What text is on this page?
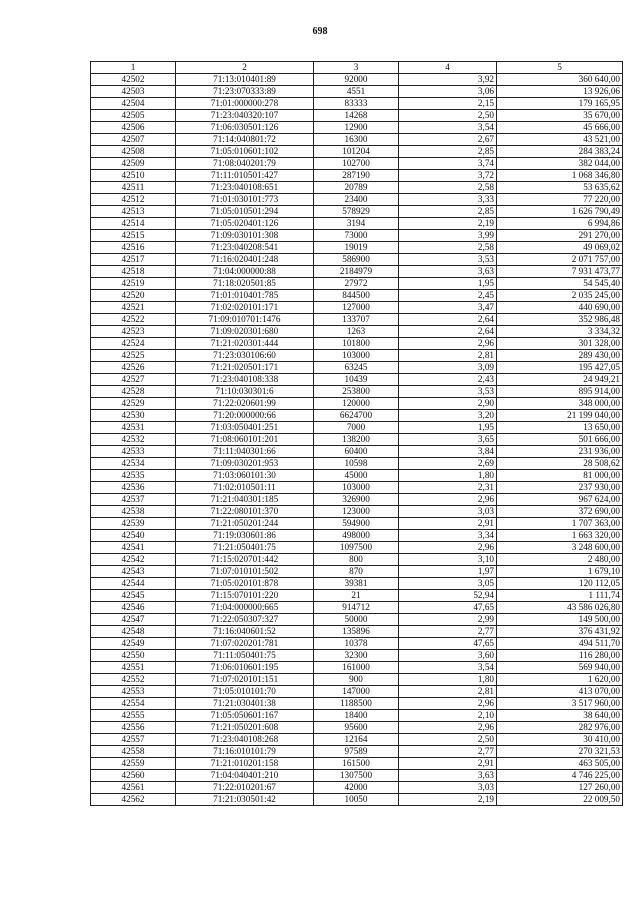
698
1	2	3	4	5
42502	71:13:010401:89	92000	3,92	360 640,00
42503	71:23:070333:89	4551	3,06	13 926,06
42504	71:01:000000:278	83333	2,15	179 165,95
42505	71:23:040320:107	14268	2,50	35 670,00
42506	71:06:030501:126	12900	3,54	45 666,00
42507	71:14:040801:72	16300	2,67	43 521,00
42508	71:05:010601:102	101204	2,85	284 383,24
42509	71:08:040201:79	102700	3,74	382 044,00
42510	71:11:010501:427	287190	3,72	1 068 346,80
42511	71:23:040108:651	20789	2,58	53 635,62
42512	71:01:030101:773	23400	3,33	77 220,00
42513	71:05:010501:294	578929	2,85	1 626 790,49
42514	71:05:020401:126	3194	2,19	6 994,86
42515	71:09:030101:308	73000	3,99	291 270,00
42516	71:23:040208:541	19019	2,58	49 069,02
42517	71:16:020401:248	586900	3,53	2 071 757,00
42518	71:04:000000:88	2184979	3,63	7 931 473,77
42519	71:18:020501:85	27972	1,95	54 545,40
42520	71:01:010401:785	844500	2,45	2 035 245,00
42521	71:02:020101:171	127000	3,47	440 690,00
42522	71:09:010701:1476	133707	2,64	352 986,48
42523	71:09:020301:680	1263	2,64	3 334,32
42524	71:21:020301:444	101800	2,96	301 328,00
42525	71:23:030106:60	103000	2,81	289 430,00
42526	71:21:020501:171	63245	3,09	195 427,05
42527	71:23:040108:338	10439	2,43	24 949,21
42528	71:10:030301:6	253800	3,53	895 914,00
42529	71:22:020601:99	120000	2,90	348 000,00
42530	71:20:000000:66	6624700	3,20	21 199 040,00
42531	71:03:050401:251	7000	1,95	13 650,00
42532	71:08:060101:201	138200	3,65	501 666,00
42533	71:11:040301:66	60400	3,84	231 936,00
42534	71:09:030201:953	10598	2,69	28 508,62
42535	71:03:060101:30	45000	1,80	81 000,00
42536	71:02:010501:11	103000	2,31	237 930,00
42537	71:21:040301:185	326900	2,96	967 624,00
42538	71:22:080101:370	123000	3,03	372 690,00
42539	71:21:050201:244	594900	2,91	1 707 363,00
42540	71:19:030601:86	498000	3,34	1 663 320,00
42541	71:21:050401:75	1097500	2,96	3 248 600,00
42542	71:15:020701:442	800	3,10	2 480,00
42543	71:07:010101:502	870	1,97	1 679,10
42544	71:05:020101:878	39381	3,05	120 112,05
42545	71:15:070101:220	21	52,94	1 111,74
42546	71:04:000000:665	914712	47,65	43 586 026,80
42547	71:22:050307:327	50000	2,99	149 500,00
42548	71:16:040601:52	135896	2,77	376 431,92
42549	71:07:020201:781	10378	47,65	494 511,70
42550	71:11:050401:75	32300	3,60	116 280,00
42551	71:06:010601:195	161000	3,54	569 940,00
42552	71:07:020101:151	900	1,80	1 620,00
42553	71:05:010101:70	147000	2,81	413 070,00
42554	71:21:030401:38	1188500	2,96	3 517 960,00
42555	71:05:050601:167	18400	2,10	38 640,00
42556	71:21:050201:608	95600	2,96	282 976,00
42557	71:23:040108:268	12164	2,50	30 410,00
42558	71:16:010101:79	97589	2,77	270 321,53
42559	71:21:010201:158	161500	2,91	463 505,00
42560	71:04:040401:210	1307500	3,63	4 746 225,00
42561	71:22:010201:67	42000	3,03	127 260,00
42562	71:21:030501:42	10050	2,19	22 009,50
